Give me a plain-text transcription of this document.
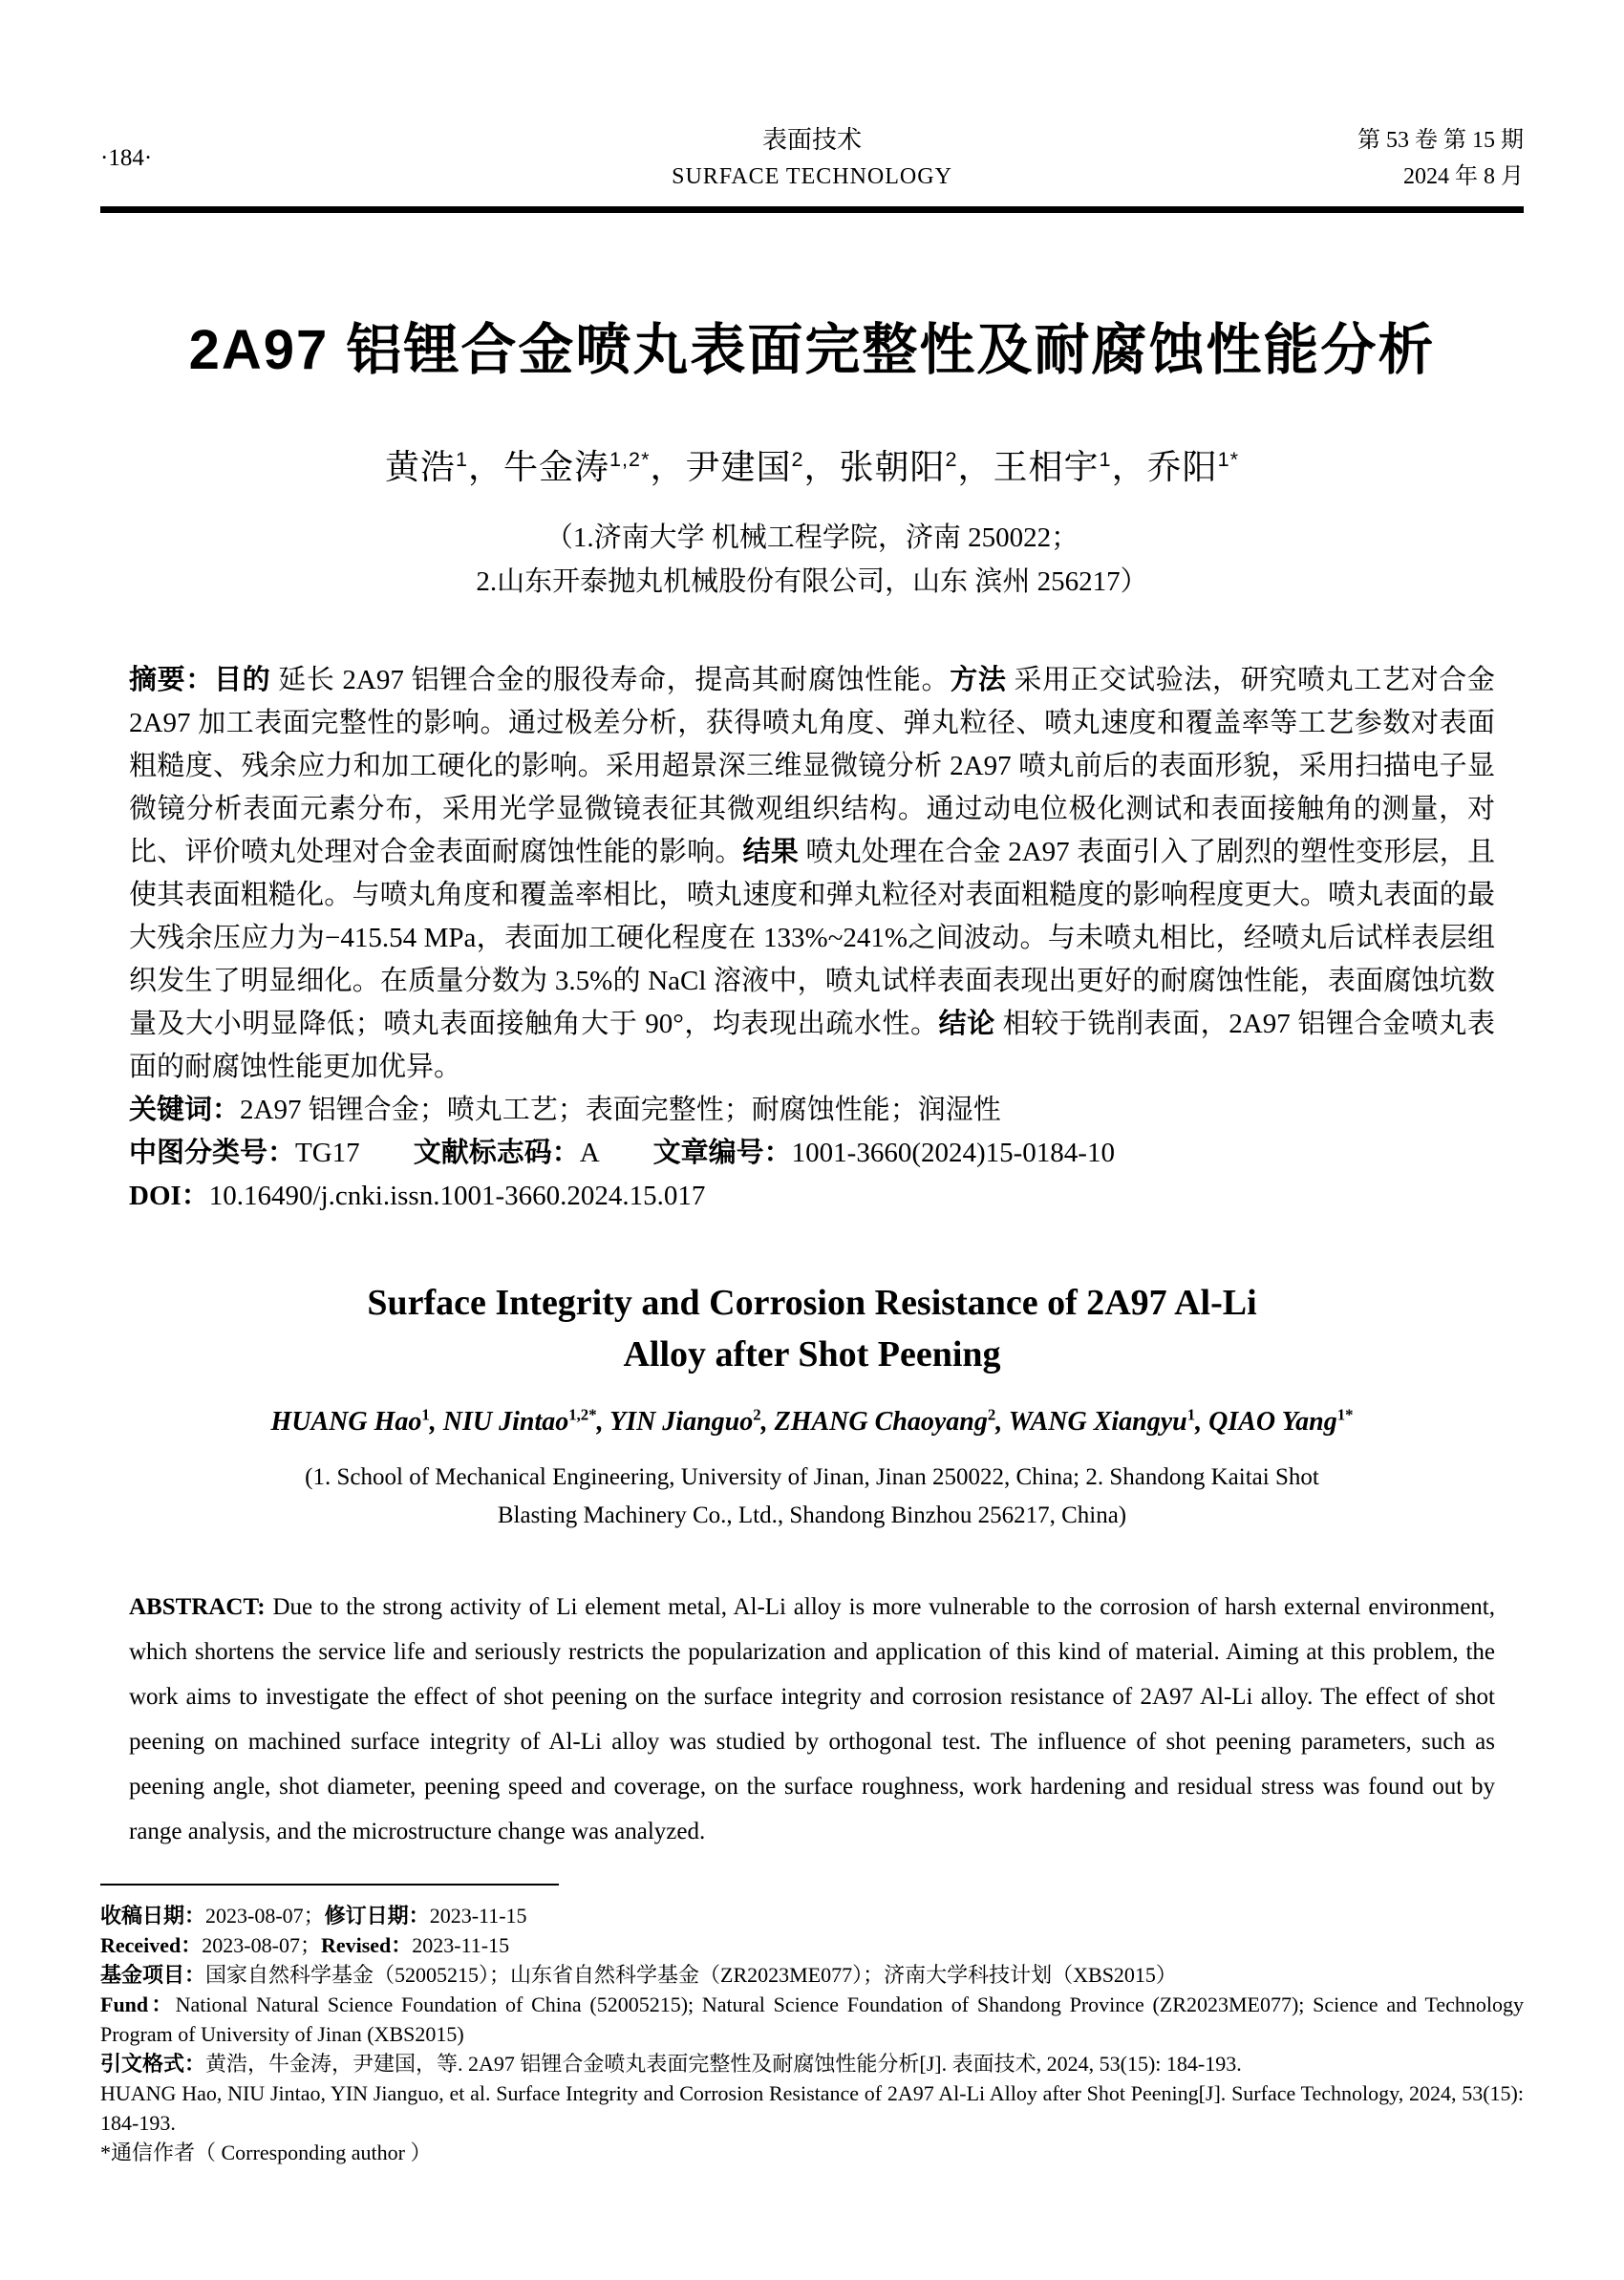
·184·
表面技术
SURFACE TECHNOLOGY
第 53 卷 第 15 期
2024 年 8 月
2A97 铝锂合金喷丸表面完整性及耐腐蚀性能分析
黄浩$^1$，牛金涛$^{1,2*}$，尹建国$^2$，张朝阳$^2$，王相宇$^1$，乔阳$^{1*}$
（1.济南大学 机械工程学院，济南 250022；
2.山东开泰抛丸机械股份有限公司，山东 滨州 256217）

摘要：目的 延长 2A97 铝锂合金的服役寿命，提高其耐腐蚀性能。方法 采用正交试验法，研究喷丸工艺对合金 2A97 加工表面完整性的影响。通过极差分析，获得喷丸角度、弹丸粒径、喷丸速度和覆盖率等工艺参数对表面粗糙度、残余应力和加工硬化的影响。采用超景深三维显微镜分析 2A97 喷丸前后的表面形貌，采用扫描电子显微镜分析表面元素分布，采用光学显微镜表征其微观组织结构。通过动电位极化测试和表面接触角的测量，对比、评价喷丸处理对合金表面耐腐蚀性能的影响。结果 喷丸处理在合金 2A97 表面引入了剧烈的塑性变形层，且使其表面粗糙化。与喷丸角度和覆盖率相比，喷丸速度和弹丸粒径对表面粗糙度的影响程度更大。喷丸表面的最大残余压应力为−415.54 MPa，表面加工硬化程度在 133%~241%之间波动。与未喷丸相比，经喷丸后试样表层组织发生了明显细化。在质量分数为 3.5%的 NaCl 溶液中，喷丸试样表面表现出更好的耐腐蚀性能，表面腐蚀坑数量及大小明显降低；喷丸表面接触角大于 90°，均表现出疏水性。结论 相较于铣削表面，2A97 铝锂合金喷丸表面的耐腐蚀性能更加优异。

关键词：2A97 铝锂合金；喷丸工艺；表面完整性；耐腐蚀性能；润湿性

中图分类号：TG17 文献标志码：A 文章编号：1001-3660(2024)15-0184-10

DOI：10.16490/j.cnki.issn.1001-3660.2024.15.017

Surface Integrity and Corrosion Resistance of 2A97 Al-Li
Alloy after Shot Peening
HUANG Hao$^1$, NIU Jintao$^{1,2*}$, YIN Jianguo$^2$, ZHANG Chaoyang$^2$, WANG Xiangyu$^1$, QIAO Yang$^{1*}$
(1. School of Mechanical Engineering, University of Jinan, Jinan 250022, China; 2. Shandong Kaitai Shot
Blasting Machinery Co., Ltd., Shandong Binzhou 256217, China)

ABSTRACT: Due to the strong activity of Li element metal, Al-Li alloy is more vulnerable to the corrosion of harsh external environment, which shortens the service life and seriously restricts the popularization and application of this kind of material. Aiming at this problem, the work aims to investigate the effect of shot peening on the surface integrity and corrosion resistance of 2A97 Al-Li alloy. The effect of shot peening on machined surface integrity of Al-Li alloy was studied by orthogonal test. The influence of shot peening parameters, such as peening angle, shot diameter, peening speed and coverage, on the surface roughness, work hardening and residual stress was found out by range analysis, and the microstructure change was analyzed.

收稿日期：2023-08-07；修订日期：2023-11-15
Received：2023-08-07；Revised：2023-11-15
基金项目：国家自然科学基金（52005215）；山东省自然科学基金（ZR2023ME077）；济南大学科技计划（XBS2015）
Fund：National Natural Science Foundation of China (52005215); Natural Science Foundation of Shandong Province (ZR2023ME077); Science and Technology Program of University of Jinan (XBS2015)
引文格式：黄浩，牛金涛，尹建国，等. 2A97 铝锂合金喷丸表面完整性及耐腐蚀性能分析[J]. 表面技术, 2024, 53(15): 184-193.
HUANG Hao, NIU Jintao, YIN Jianguo, et al. Surface Integrity and Corrosion Resistance of 2A97 Al-Li Alloy after Shot Peening[J]. Surface Technology, 2024, 53(15): 184-193.
*通信作者（ Corresponding author ）
